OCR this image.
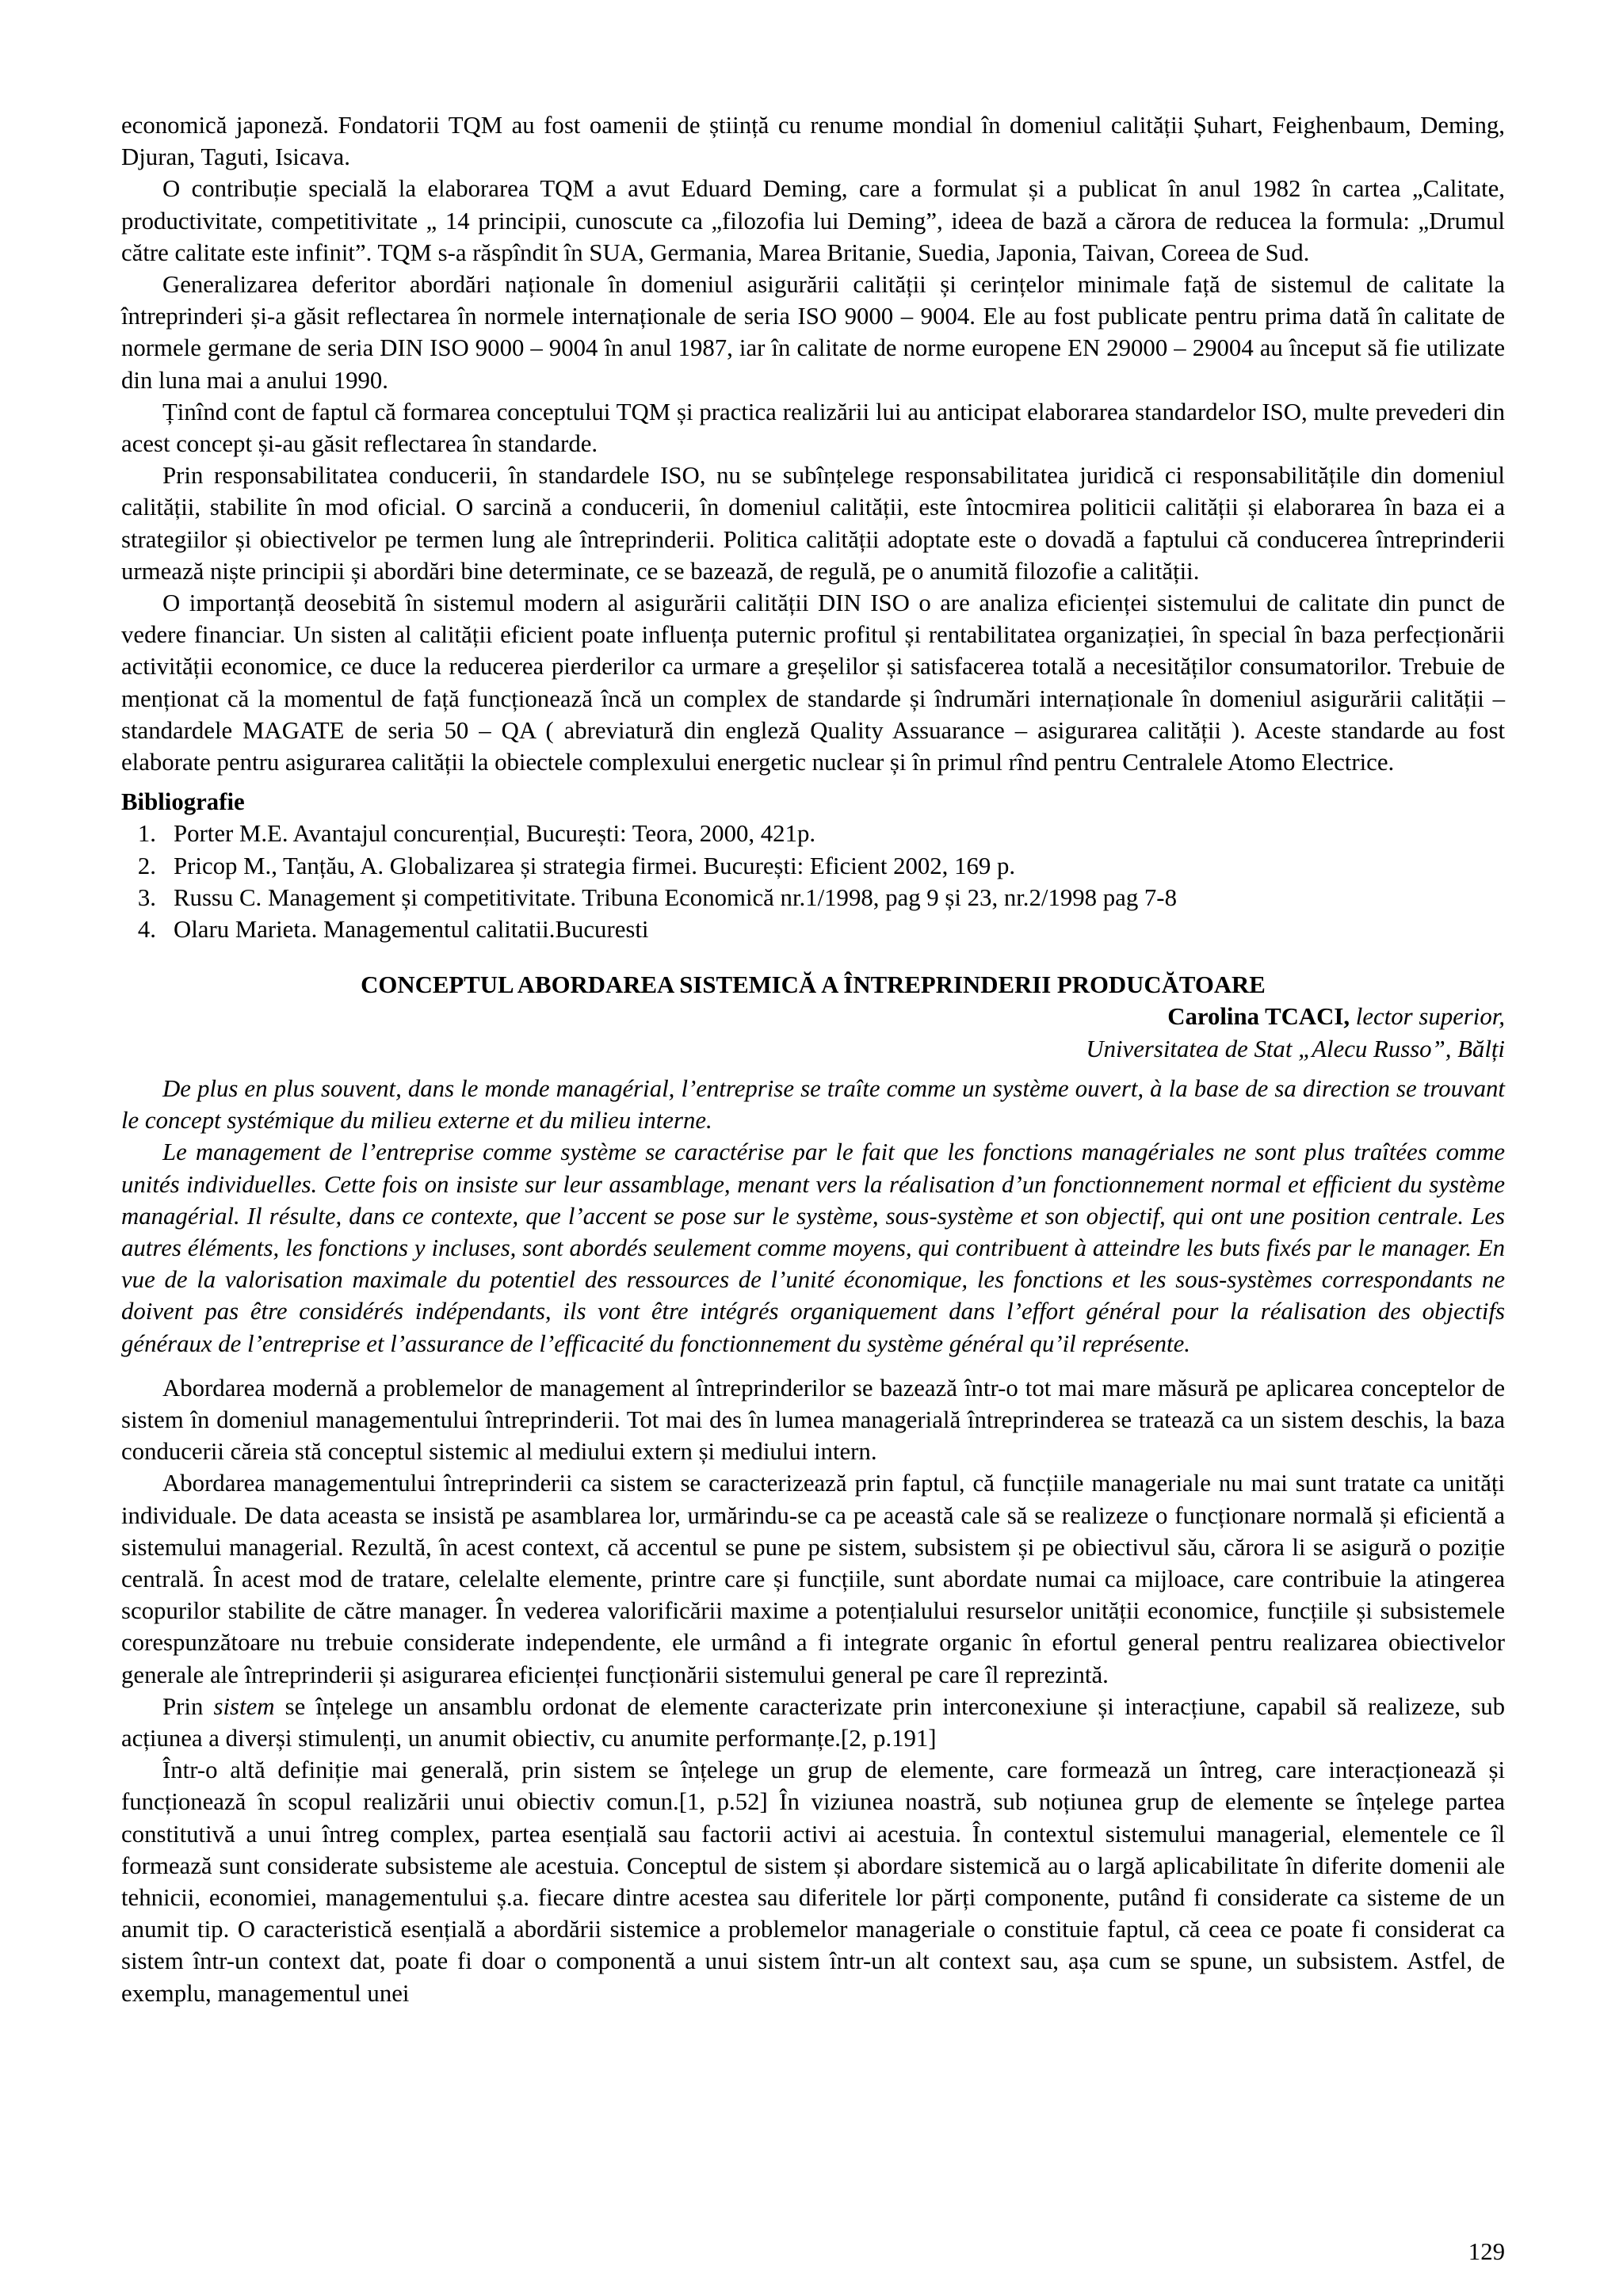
economică japoneză. Fondatorii TQM au fost oamenii de știință cu renume mondial în domeniul calității Șuhart, Feighenbaum, Deming, Djuran, Taguti, Isicava.

O contribuție specială la elaborarea TQM a avut Eduard Deming, care a formulat și a publicat în anul 1982 în cartea „Calitate, productivitate, competitivitate „ 14 principii, cunoscute ca „filozofia lui Deming”, ideea de bază a cărora de reducea la formula: „Drumul către calitate este infinit”. TQM s-a răspîndit în SUA, Germania, Marea Britanie, Suedia, Japonia, Taivan, Coreea de Sud.

Generalizarea deferitor abordări naționale în domeniul asigurării calității și cerințelor minimale față de sistemul de calitate la întreprinderi și-a găsit reflectarea în normele internaționale de seria ISO 9000 – 9004. Ele au fost publicate pentru prima dată în calitate de normele germane de seria DIN ISO 9000 – 9004 în anul 1987, iar în calitate de norme europene EN 29000 – 29004 au început să fie utilizate din luna mai a anului 1990.

Ținînd cont de faptul că formarea conceptului TQM și practica realizării lui au anticipat elaborarea standardelor ISO, multe prevederi din acest concept și-au găsit reflectarea în standarde.

Prin responsabilitatea conducerii, în standardele ISO, nu se subînțelege responsabilitatea juridică ci responsabilitățile din domeniul calității, stabilite în mod oficial. O sarcină a conducerii, în domeniul calității, este întocmirea politicii calității și elaborarea în baza ei a strategiilor și obiectivelor pe termen lung ale întreprinderii. Politica calității adoptate este o dovadă a faptului că conducerea întreprinderii urmează niște principii și abordări bine determinate, ce se bazează, de regulă, pe o anumită filozofie a calității.

O importanță deosebită în sistemul modern al asigurării calității DIN ISO o are analiza eficienței sistemului de calitate din punct de vedere financiar. Un sisten al calității eficient poate influența puternic profitul și rentabilitatea organizației, în special în baza perfecționării activității economice, ce duce la reducerea pierderilor ca urmare a greșelilor și satisfacerea totală a necesităților consumatorilor. Trebuie de menționat că la momentul de față funcționează încă un complex de standarde și îndrumări internaționale în domeniul asigurării calității – standardele MAGATE de seria 50 – QA ( abreviatură din engleză Quality Assuarance – asigurarea calității ). Aceste standarde au fost elaborate pentru asigurarea calității la obiectele complexului energetic nuclear și în primul rînd pentru Centralele Atomo Electrice.

Bibliografie
1. Porter M.E. Avantajul concurențial, București: Teora, 2000, 421p.
2. Pricop M., Tanțău, A. Globalizarea și strategia firmei. București: Eficient 2002, 169 p.
3. Russu C. Management și competitivitate. Tribuna Economică nr.1/1998, pag 9 și 23, nr.2/1998 pag 7-8
4. Olaru Marieta. Managementul calitatii.Bucuresti
CONCEPTUL ABORDAREA SISTEMICĂ A ÎNTREPRINDERII PRODUCĂTOARE
Carolina TCACI, lector superior,
Universitatea de Stat „Alecu Russo”, Bălți

De plus en plus souvent, dans le monde managérial, l’entreprise se traîte comme un système ouvert, à la base de sa direction se trouvant le concept systémique du milieu externe et du milieu interne.

Le management de l’entreprise comme système se caractérise par le fait que les fonctions managériales ne sont plus traîtées comme unités individuelles. Cette fois on insiste sur leur assamblage, menant vers la réalisation d’un fonctionnement normal et efficient du système managérial. Il résulte, dans ce contexte, que l’accent se pose sur le système, sous-système et son objectif, qui ont une position centrale. Les autres éléments, les fonctions y incluses, sont abordés seulement comme moyens, qui contribuent à atteindre les buts fixés par le manager. En vue de la valorisation maximale du potentiel des ressources de l’unité économique, les fonctions et les sous-systèmes correspondants ne doivent pas être considérés indépendants, ils vont être intégrés organiquement dans l’effort général pour la réalisation des objectifs généraux de l’entreprise et l’assurance de l’efficacité du fonctionnement du système général qu’il représente.

Abordarea modernă a problemelor de management al întreprinderilor se bazează într-o tot mai mare măsură pe aplicarea conceptelor de sistem în domeniul managementului întreprinderii. Tot mai des în lumea managerială întreprinderea se tratează ca un sistem deschis, la baza conducerii căreia stă conceptul sistemic al mediului extern și mediului intern.

Abordarea managementului întreprinderii ca sistem se caracterizează prin faptul, că funcțiile manageriale nu mai sunt tratate ca unități individuale. De data aceasta se insistă pe asamblarea lor, urmărindu-se ca pe această cale să se realizeze o funcționare normală și eficientă a sistemului managerial. Rezultă, în acest context, că accentul se pune pe sistem, subsistem și pe obiectivul său, cărora li se asigură o poziție centrală. În acest mod de tratare, celelalte elemente, printre care și funcțiile, sunt abordate numai ca mijloace, care contribuie la atingerea scopurilor stabilite de către manager. În vederea valorificării maxime a potențialului resurselor unității economice, funcțiile și subsistemele corespunzătoare nu trebuie considerate independente, ele urmând a fi integrate organic în efortul general pentru realizarea obiectivelor generale ale întreprinderii și asigurarea eficienței funcționării sistemului general pe care îl reprezintă.

Prin sistem se înțelege un ansamblu ordonat de elemente caracterizate prin interconexiune și interacțiune, capabil să realizeze, sub acțiunea a diverși stimulenți, un anumit obiectiv, cu anumite performanțe.[2, p.191]

Într-o altă definiție mai generală, prin sistem se înțelege un grup de elemente, care formează un întreg, care interacționează și funcționează în scopul realizării unui obiectiv comun.[1, p.52] În viziunea noastră, sub noțiunea grup de elemente se înțelege partea constitutivă a unui întreg complex, partea esențială sau factorii activi ai acestuia. În contextul sistemului managerial, elementele ce îl formează sunt considerate subsisteme ale acestuia. Conceptul de sistem și abordare sistemică au o largă aplicabilitate în diferite domenii ale tehnicii, economiei, managementului ș.a. fiecare dintre acestea sau diferitele lor părți componente, putând fi considerate ca sisteme de un anumit tip. O caracteristică esențială a abordării sistemice a problemelor manageriale o constituie faptul, că ceea ce poate fi considerat ca sistem într-un context dat, poate fi doar o componentă a unui sistem într-un alt context sau, așa cum se spune, un subsistem. Astfel, de exemplu, managementul unei

129
